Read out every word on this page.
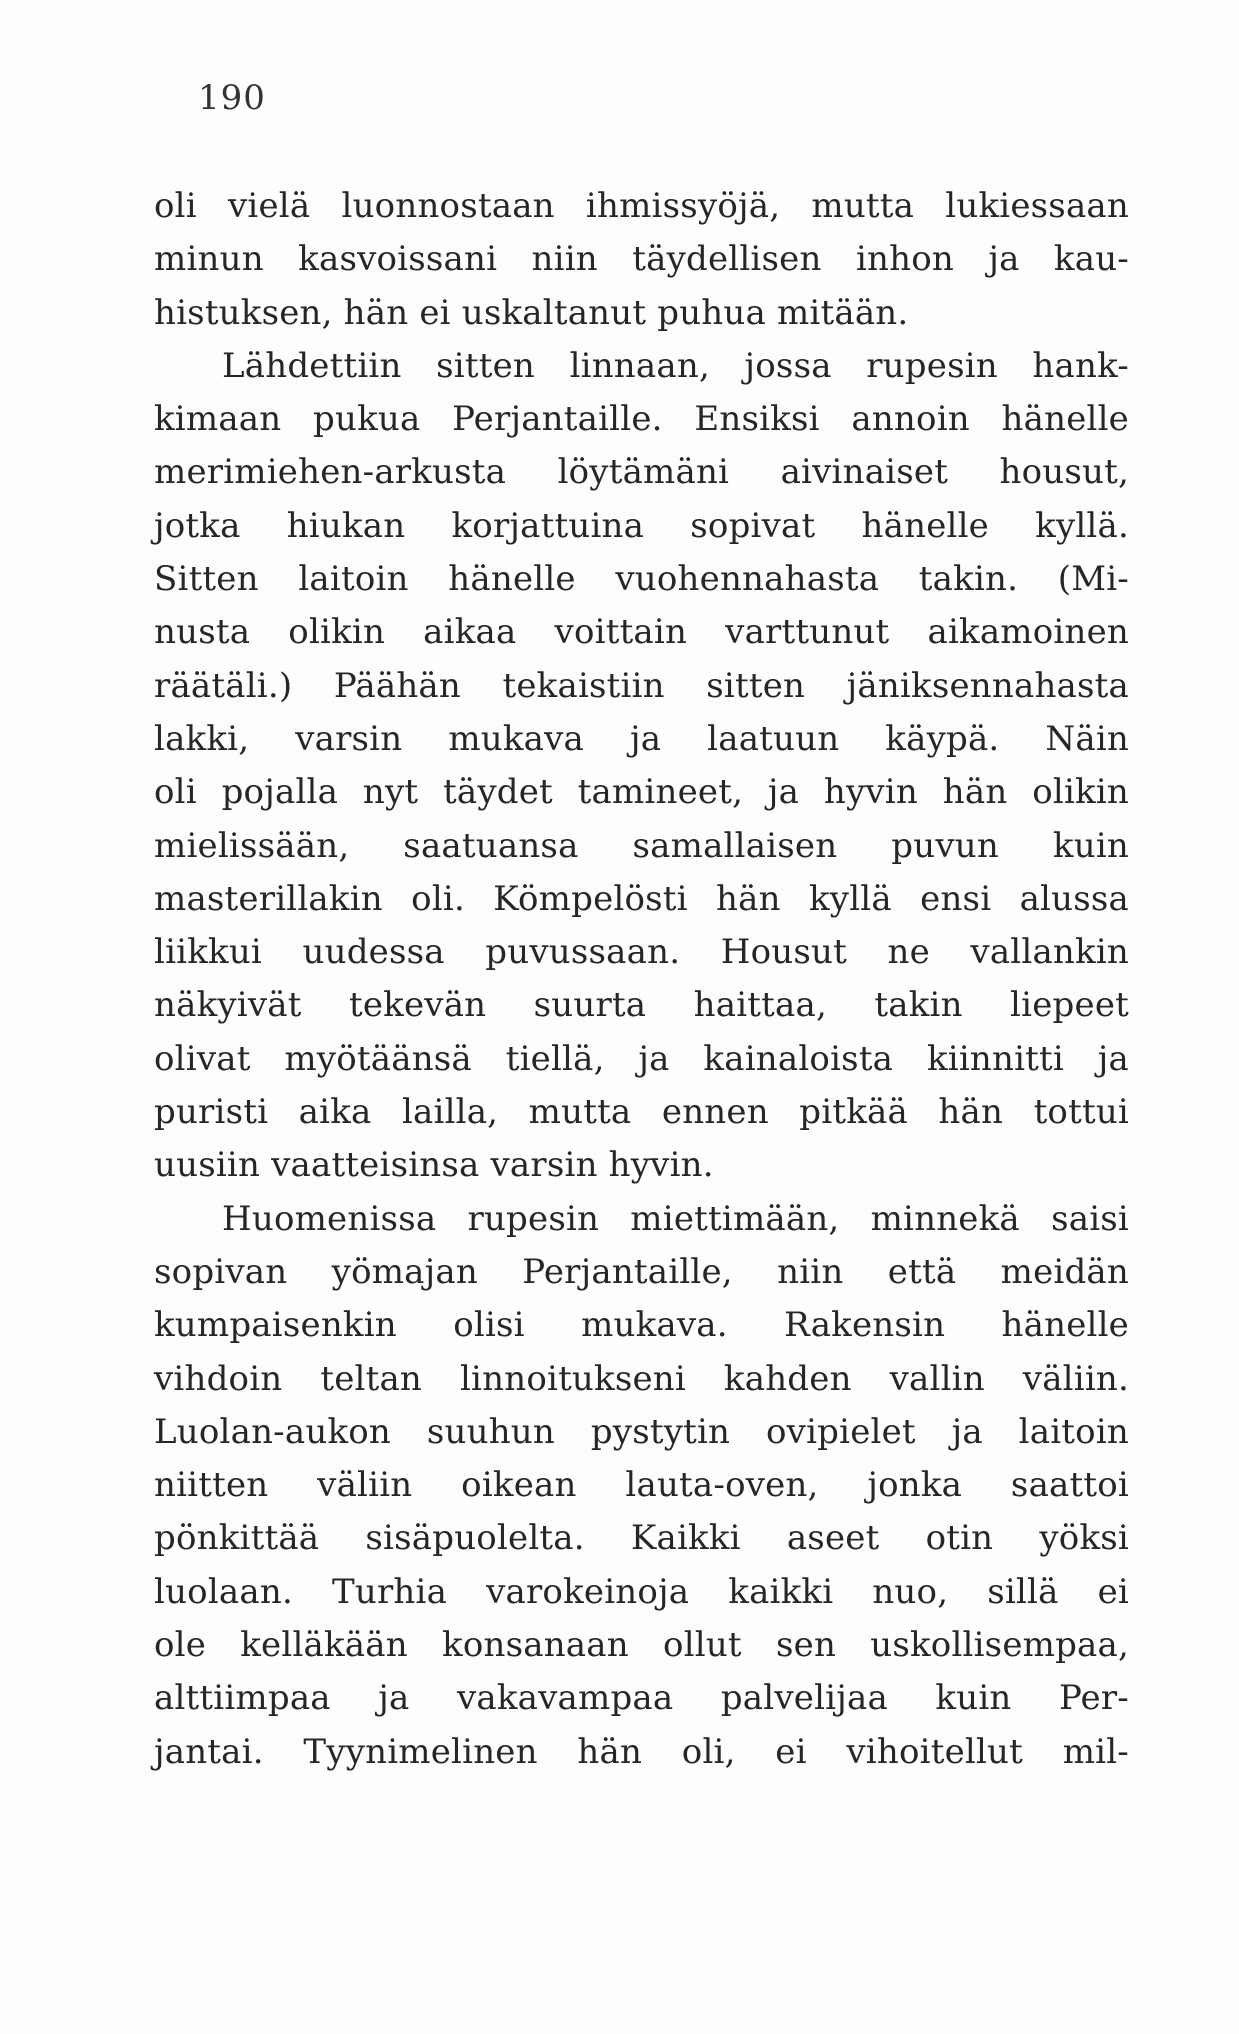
190
oli vielä luonnostaan ihmissyöjä, mutta lukiessaan
minun kasvoissani niin täydellisen inhon ja kau-
histuksen, hän ei uskaltanut puhua mitään.
Lähdettiin sitten linnaan, jossa rupesin hank-
kimaan pukua Perjantaille. Ensiksi annoin hänelle
merimiehen-arkusta löytämäni aivinaiset housut,
jotka hiukan korjattuina sopivat hänelle kyllä.
Sitten laitoin hänelle vuohennahasta takin. (Mi-
nusta olikin aikaa voittain varttunut aikamoinen
räätäli.) Päähän tekaistiin sitten jäniksennahasta
lakki, varsin mukava ja laatuun käypä. Näin
oli pojalla nyt täydet tamineet, ja hyvin hän olikin
mielissään, saatuansa samallaisen puvun kuin
masterillakin oli. Kömpelösti hän kyllä ensi alussa
liikkui uudessa puvussaan. Housut ne vallankin
näkyivät tekevän suurta haittaa, takin liepeet
olivat myötäänsä tiellä, ja kainaloista kiinnitti ja
puristi aika lailla, mutta ennen pitkää hän tottui
uusiin vaatteisinsa varsin hyvin.
Huomenissa rupesin miettimään, minnekä saisi
sopivan yömajan Perjantaille, niin että meidän
kumpaisenkin olisi mukava. Rakensin hänelle
vihdoin teltan linnoitukseni kahden vallin väliin.
Luolan-aukon suuhun pystytin ovipielet ja laitoin
niitten väliin oikean lauta-oven, jonka saattoi
pönkittää sisäpuolelta. Kaikki aseet otin yöksi
luolaan. Turhia varokeinoja kaikki nuo, sillä ei
ole kelläkään konsanaan ollut sen uskollisempaa,
alttiimpaa ja vakavampaa palvelijaa kuin Per-
jantai. Tyynimelinen hän oli, ei vihoitellut mil-
